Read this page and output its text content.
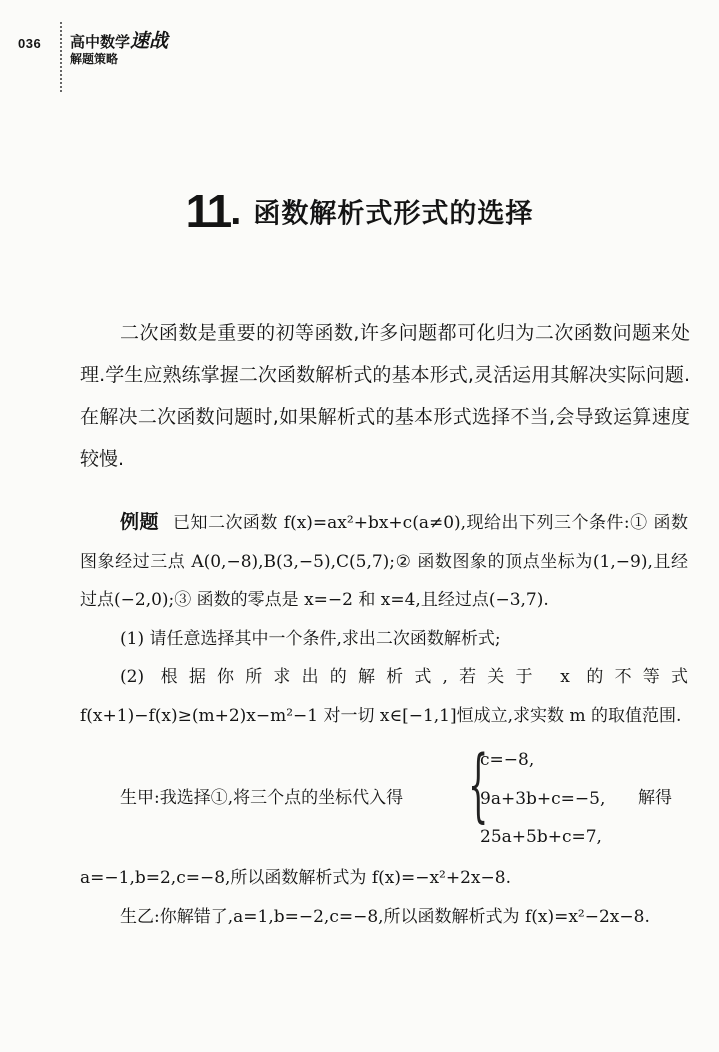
036 高中数学速战
解题策略
11. 函数解析式形式的选择

二次函数是重要的初等函数,许多问题都可化归为二次函数问题来处理.学生应熟练掌握二次函数解析式的基本形式,灵活运用其解决实际问题.在解决二次函数问题时,如果解析式的基本形式选择不当,会导致运算速度较慢.

例题 已知二次函数 f(x)=ax²+bx+c(a≠0),现给出下列三个条件:① 函数图象经过三点 A(0,−8),B(3,−5),C(5,7);② 函数图象的顶点坐标为(1,−9),且经过点(−2,0);③ 函数的零点是 x=−2 和 x=4,且经过点(−3,7).

(1) 请任意选择其中一个条件,求出二次函数解析式;

(2) 根据你所求出的解析式,若关于 x 的不等式 f(x+1)−f(x)≥(m+2)x−m²−1 对一切 x∈[−1,1]恒成立,求实数 m 的取值范围.

生甲:我选择①,将三个点的坐标代入得 {
c=−8,
9a+3b+c=−5,
25a+5b+c=7,
解得

a=−1,b=2,c=−8,所以函数解析式为 f(x)=−x²+2x−8.

生乙:你解错了,a=1,b=−2,c=−8,所以函数解析式为 f(x)=x²−2x−8.
